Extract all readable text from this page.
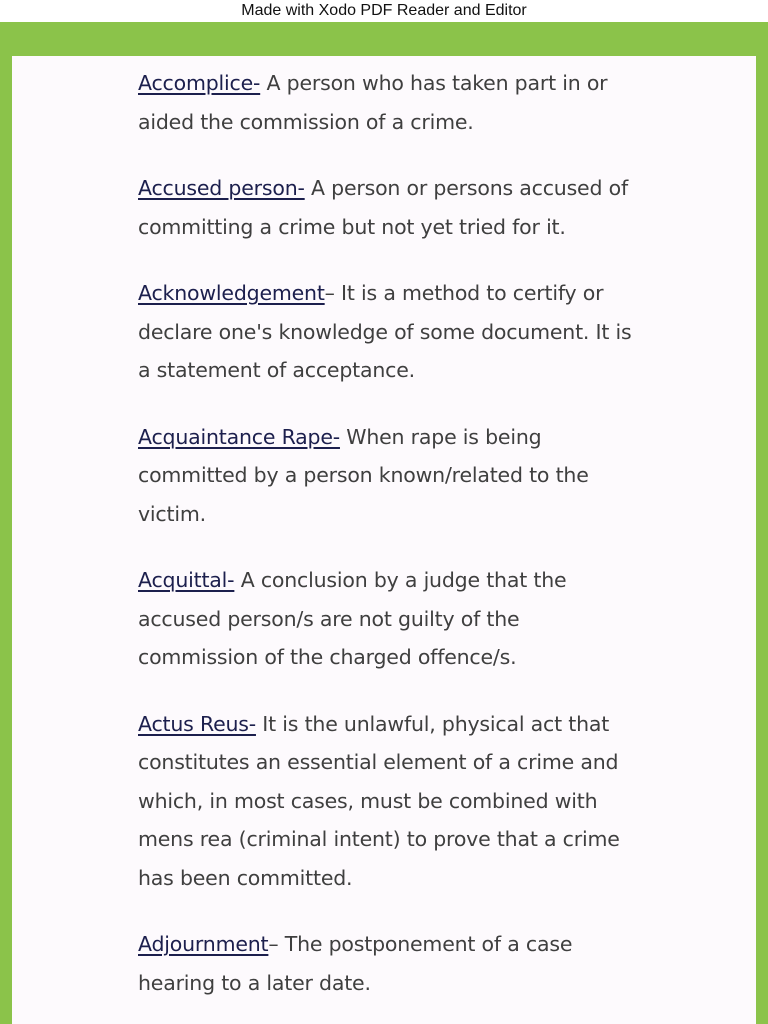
Made with Xodo PDF Reader and Editor

Accomplice- A person who has taken part in or aided the commission of a crime.

Accused person- A person or persons accused of committing a crime but not yet tried for it.

Acknowledgement– It is a method to certify or declare one's knowledge of some document. It is a statement of acceptance.

Acquaintance Rape- When rape is being committed by a person known/related to the victim.

Acquittal- A conclusion by a judge that the accused person/s are not guilty of the commission of the charged offence/s.

Actus Reus- It is the unlawful, physical act that constitutes an essential element of a crime and which, in most cases, must be combined with mens rea (criminal intent) to prove that a crime has been committed.

Adjournment– The postponement of a case hearing to a later date.
